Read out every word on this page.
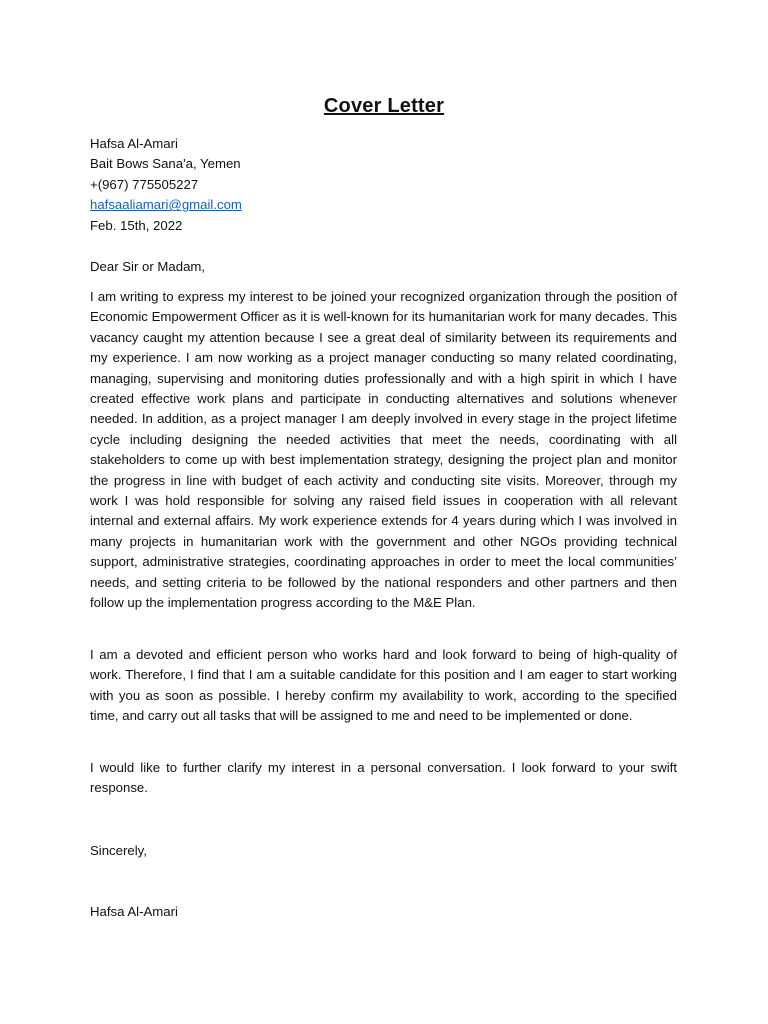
Cover Letter
Hafsa Al-Amari
Bait Bows Sana'a, Yemen
+(967) 775505227
hafsaaliamari@gmail.com
Feb. 15th, 2022
Dear Sir or Madam,
I am writing to express my interest to be joined your recognized organization through the position of Economic Empowerment Officer as it is well-known for its humanitarian work for many decades. This vacancy caught my attention because I see a great deal of similarity between its requirements and my experience. I am now working as a project manager conducting so many related coordinating, managing, supervising and monitoring duties professionally and with a high spirit in which I have created effective work plans and participate in conducting alternatives and solutions whenever needed. In addition, as a project manager I am deeply involved in every stage in the project lifetime cycle including designing the needed activities that meet the needs, coordinating with all stakeholders to come up with best implementation strategy, designing the project plan and monitor the progress in line with budget of each activity and conducting site visits. Moreover, through my work I was hold responsible for solving any raised field issues in cooperation with all relevant internal and external affairs. My work experience extends for 4 years during which I was involved in many projects in humanitarian work with the government and other NGOs providing technical support, administrative strategies, coordinating approaches in order to meet the local communities’ needs, and setting criteria to be followed by the national responders and other partners and then follow up the implementation progress according to the M&E Plan.
I am a devoted and efficient person who works hard and look forward to being of high-quality of work. Therefore, I find that I am a suitable candidate for this position and I am eager to start working with you as soon as possible. I hereby confirm my availability to work, according to the specified time, and carry out all tasks that will be assigned to me and need to be implemented or done.
I would like to further clarify my interest in a personal conversation. I look forward to your swift response.
Sincerely,
Hafsa Al-Amari
